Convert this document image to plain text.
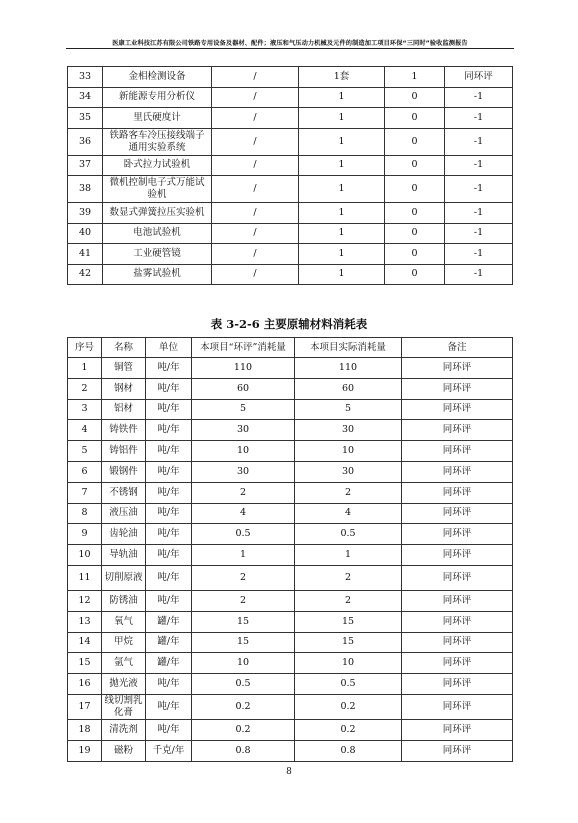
医康工业科技江苏有限公司铁路专用设备及器材、配件；液压和气压动力机械及元件的制造加工项目环保“三同时”验收监测报告
33	金相检测设备	/	1套	1	同环评
34	新能源专用分析仪	/	1	0	-1
35	里氏硬度计	/	1	0	-1
36	铁路客车冷压接线端子通用实验系统	/	1	0	-1
37	卧式拉力试验机	/	1	0	-1
38	微机控制电子式万能试验机	/	1	0	-1
39	数显式弹簧拉压实验机	/	1	0	-1
40	电池试验机	/	1	0	-1
41	工业硬管镜	/	1	0	-1
42	盐雾试验机	/	1	0	-1
表 3-2-6 主要原辅材料消耗表
序号	名称	单位	本项目“环评”消耗量	本项目实际消耗量	备注
1	铜管	吨/年	110	110	同环评
2	钢材	吨/年	60	60	同环评
3	铝材	吨/年	5	5	同环评
4	铸铁件	吨/年	30	30	同环评
5	铸铝件	吨/年	10	10	同环评
6	锻钢件	吨/年	30	30	同环评
7	不锈钢	吨/年	2	2	同环评
8	液压油	吨/年	4	4	同环评
9	齿轮油	吨/年	0.5	0.5	同环评
10	导轨油	吨/年	1	1	同环评
11	切削原液	吨/年	2	2	同环评
12	防锈油	吨/年	2	2	同环评
13	氧气	罐/年	15	15	同环评
14	甲烷	罐/年	15	15	同环评
15	氩气	罐/年	10	10	同环评
16	抛光液	吨/年	0.5	0.5	同环评
17	线切割乳化膏	吨/年	0.2	0.2	同环评
18	清洗剂	吨/年	0.2	0.2	同环评
19	磁粉	千克/年	0.8	0.8	同环评
8
